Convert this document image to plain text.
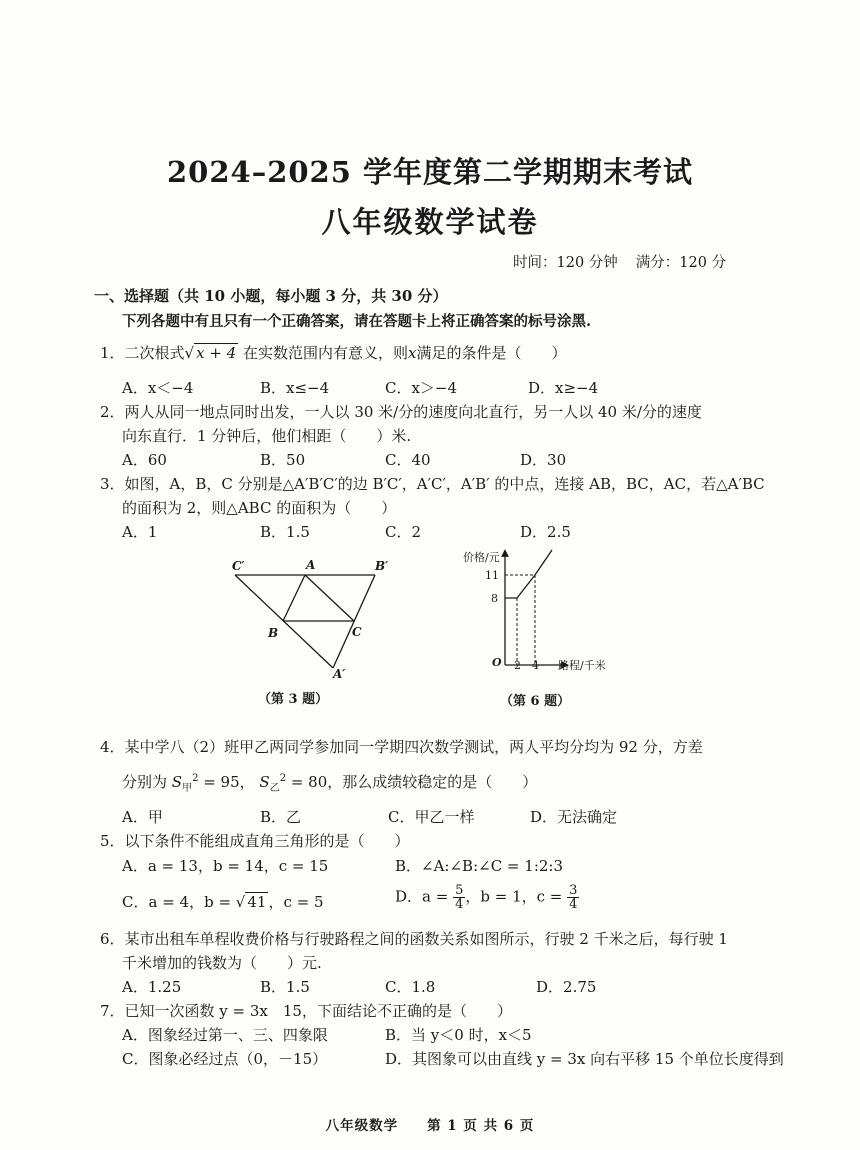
2024–2025 学年度第二学期期末考试
八年级数学试卷
时间：120 分钟 满分：120 分
一、选择题（共 10 小题，每小题 3 分，共 30 分）
下列各题中有且只有一个正确答案，请在答题卡上将正确答案的标号涂黑.
1．二次根式√ x + 4 在实数范围内有意义，则x满足的条件是（　　）
A．x＜−4	B．x≤−4	C．x＞−4	D．x≥−4
2．两人从同一地点同时出发，一人以 30 米/分的速度向北直行，另一人以 40 米/分的速度
向东直行．1 分钟后，他们相距（　　）米.
A．60	B．50	C．40	D．30
3．如图，A，B，C 分别是△A′B′C′的边 B′C′，A′C′，A′B′ 的中点，连接 AB，BC，AC，若△A′BC
的面积为 2，则△ABC 的面积为（　　）
A．1	B．1.5	C．2	D．2.5
C′	A	B′
B	C
A′
（第 3 题）
价格/元
11
8
O 2 4 路程/千米
（第 6 题）
4．某中学八（2）班甲乙两同学参加同一学期四次数学测试，两人平均分均为 92 分，方差
分别为 $S_甲^2 = 95$， $S_乙^2 = 80$，那么成绩较稳定的是（　　）
A．甲	B．乙	C．甲乙一样	D．无法确定
5．以下条件不能组成直角三角形的是（　　）
A．a = 13，b = 14，c = 15	B．∠A:∠B:∠C = 1:2:3
C．a = 4，b = √ 41 ，c = 5	D．$a = \frac{5}{4}$ ，b = 1，$c = \frac{3}{4}$
6．某市出租车单程收费价格与行驶路程之间的函数关系如图所示，行驶 2 千米之后，每行驶 1
千米增加的钱数为（　　）元.
A．1.25	B．1.5	C．1.8	D．2.75
7．已知一次函数 y = 3x　15，下面结论不正确的是（　　）
A．图象经过第一、三、四象限	B．当 y＜0 时，x＜5
C．图象必经过点（0，－15）	D．其图象可以由直线 y = 3x 向右平移 15 个单位长度得到
八年级数学　　第 1 页 共 6 页
